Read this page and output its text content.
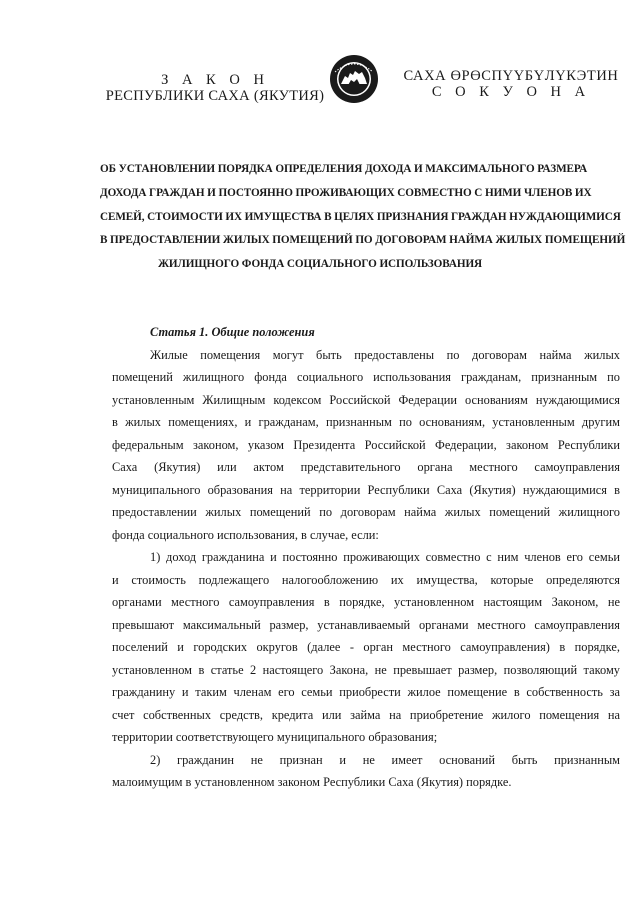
З А К О Н
РЕСПУБЛИКИ САХА (ЯКУТИЯ)
САХА ӨРӨСПҮҮБҮЛҮКЭТИН
С О К У О Н А
ОБ УСТАНОВЛЕНИИ ПОРЯДКА ОПРЕДЕЛЕНИЯ ДОХОДА И МАКСИМАЛЬНОГО РАЗМЕРА
ДОХОДА ГРАЖДАН И ПОСТОЯННО ПРОЖИВАЮЩИХ СОВМЕСТНО С НИМИ ЧЛЕНОВ ИХ
СЕМЕЙ, СТОИМОСТИ ИХ ИМУЩЕСТВА В ЦЕЛЯХ ПРИЗНАНИЯ ГРАЖДАН НУЖДАЮЩИМИСЯ
В ПРЕДОСТАВЛЕНИИ ЖИЛЫХ ПОМЕЩЕНИЙ ПО ДОГОВОРАМ НАЙМА ЖИЛЫХ ПОМЕЩЕНИЙ
ЖИЛИЩНОГО ФОНДА СОЦИАЛЬНОГО ИСПОЛЬЗОВАНИЯ
Статья 1. Общие положения
Жилые помещения могут быть предоставлены по договорам найма жилых
помещений жилищного фонда социального использования гражданам, признанным по
установленным Жилищным кодексом Российской Федерации основаниям нуждающимися
в жилых помещениях, и гражданам, признанным по основаниям, установленным другим
федеральным законом, указом Президента Российской Федерации, законом Республики
Саха (Якутия) или актом представительного органа местного самоуправления
муниципального образования на территории Республики Саха (Якутия) нуждающимися в
предоставлении жилых помещений по договорам найма жилых помещений жилищного
фонда социального использования, в случае, если:
1) доход гражданина и постоянно проживающих совместно с ним членов его семьи
и стоимость подлежащего налогообложению их имущества, которые определяются
органами местного самоуправления в порядке, установленном настоящим Законом, не
превышают максимальный размер, устанавливаемый органами местного самоуправления
поселений и городских округов (далее - орган местного самоуправления) в порядке,
установленном в статье 2 настоящего Закона, не превышает размер, позволяющий такому
гражданину и таким членам его семьи приобрести жилое помещение в собственность за
счет собственных средств, кредита или займа на приобретение жилого помещения на
территории соответствующего муниципального образования;
2) гражданин не признан и не имеет оснований быть признанным
малоимущим в установленном законом Республики Саха (Якутия) порядке.
